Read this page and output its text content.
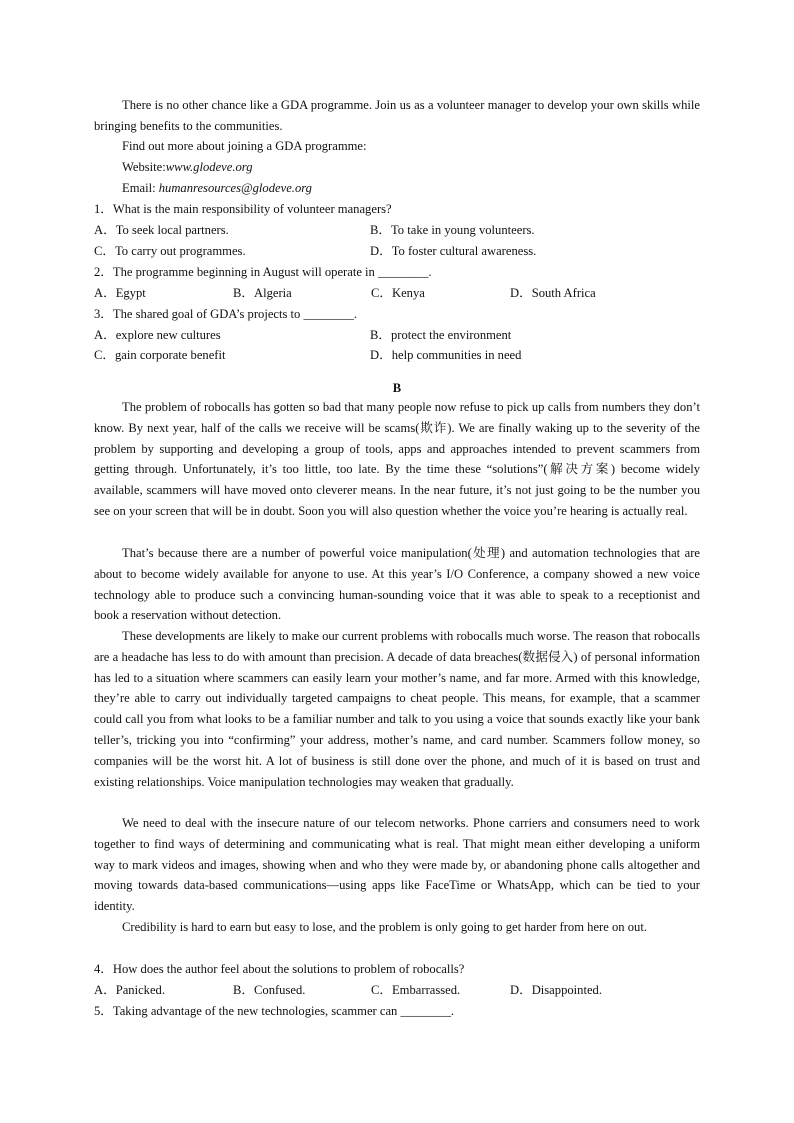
There is no other chance like a GDA programme. Join us as a volunteer manager to develop your own skills while bringing benefits to the communities.
Find out more about joining a GDA programme:
Website:www.glodeve.org
Email: humanresources@glodeve.org
1．What is the main responsibility of volunteer managers?
A．To seek local partners.	B．To take in young volunteers.
C．To carry out programmes.	D．To foster cultural awareness.
2．The programme beginning in August will operate in ________.
A．Egypt	B．Algeria	C．Kenya	D．South Africa
3．The shared goal of GDA’s projects to ________.
A．explore new cultures	B．protect the environment
C．gain corporate benefit	D．help communities in need
B
The problem of robocalls has gotten so bad that many people now refuse to pick up calls from numbers they don’t know. By next year, half of the calls we receive will be scams(欺诈). We are finally waking up to the severity of the problem by supporting and developing a group of tools, apps and approaches intended to prevent scammers from getting through. Unfortunately, it’s too little, too late. By the time these “solutions”(解决方案) become widely available, scammers will have moved onto cleverer means. In the near future, it’s not just going to be the number you see on your screen that will be in doubt. Soon you will also question whether the voice you’re hearing is actually real.
That’s because there are a number of powerful voice manipulation(处理) and automation technologies that are about to become widely available for anyone to use. At this year’s I/O Conference, a company showed a new voice technology able to produce such a convincing human-sounding voice that it was able to speak to a receptionist and book a reservation without detection.
These developments are likely to make our current problems with robocalls much worse. The reason that robocalls are a headache has less to do with amount than precision. A decade of data breaches(数据侵入) of personal information has led to a situation where scammers can easily learn your mother’s name, and far more. Armed with this knowledge, they’re able to carry out individually targeted campaigns to cheat people. This means, for example, that a scammer could call you from what looks to be a familiar number and talk to you using a voice that sounds exactly like your bank teller’s, tricking you into “confirming” your address, mother’s name, and card number. Scammers follow money, so companies will be the worst hit. A lot of business is still done over the phone, and much of it is based on trust and existing relationships. Voice manipulation technologies may weaken that gradually.
We need to deal with the insecure nature of our telecom networks. Phone carriers and consumers need to work together to find ways of determining and communicating what is real. That might mean either developing a uniform way to mark videos and images, showing when and who they were made by, or abandoning phone calls altogether and moving towards data-based communications—using apps like FaceTime or WhatsApp, which can be tied to your identity.
Credibility is hard to earn but easy to lose, and the problem is only going to get harder from here on out.
4．How does the author feel about the solutions to problem of robocalls?
A．Panicked.	B．Confused.	C．Embarrassed.	D．Disappointed.
5．Taking advantage of the new technologies, scammer can ________.
